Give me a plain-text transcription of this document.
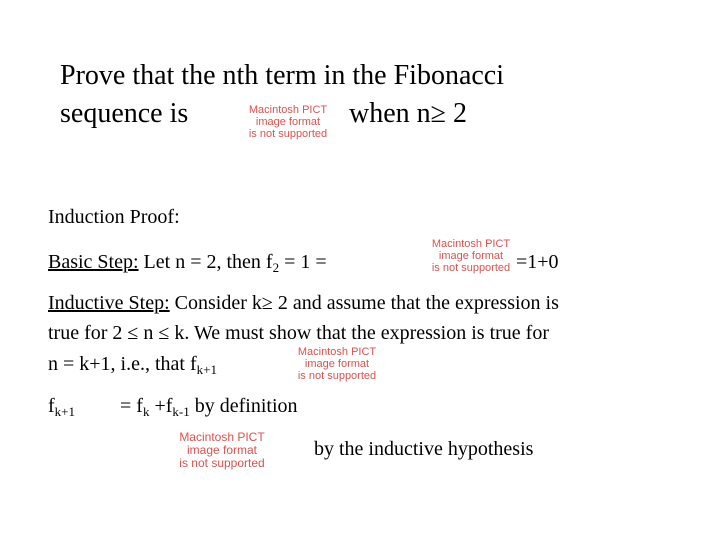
Prove that the nth term in the Fibonacci
sequence is	Macintosh PICT
image format
is not supported
when n≥ 2
Induction Proof:
Basic Step: Let n = 2, then $f_2 = 1$ =
Macintosh PICT
image format
is not supported =1+0
Inductive Step: Consider k≥ 2 and assume that the expression is
true for 2 ≤ n ≤ k. We must show that the expression is true for
n = k+1, i.e., that $f_{k+1}$
Macintosh PICT
image format
is not supported
$f_{k+1} = f_k +f_{k-1}$ by definition
Macintosh PICT
image format
is not supported
by the inductive hypothesis
